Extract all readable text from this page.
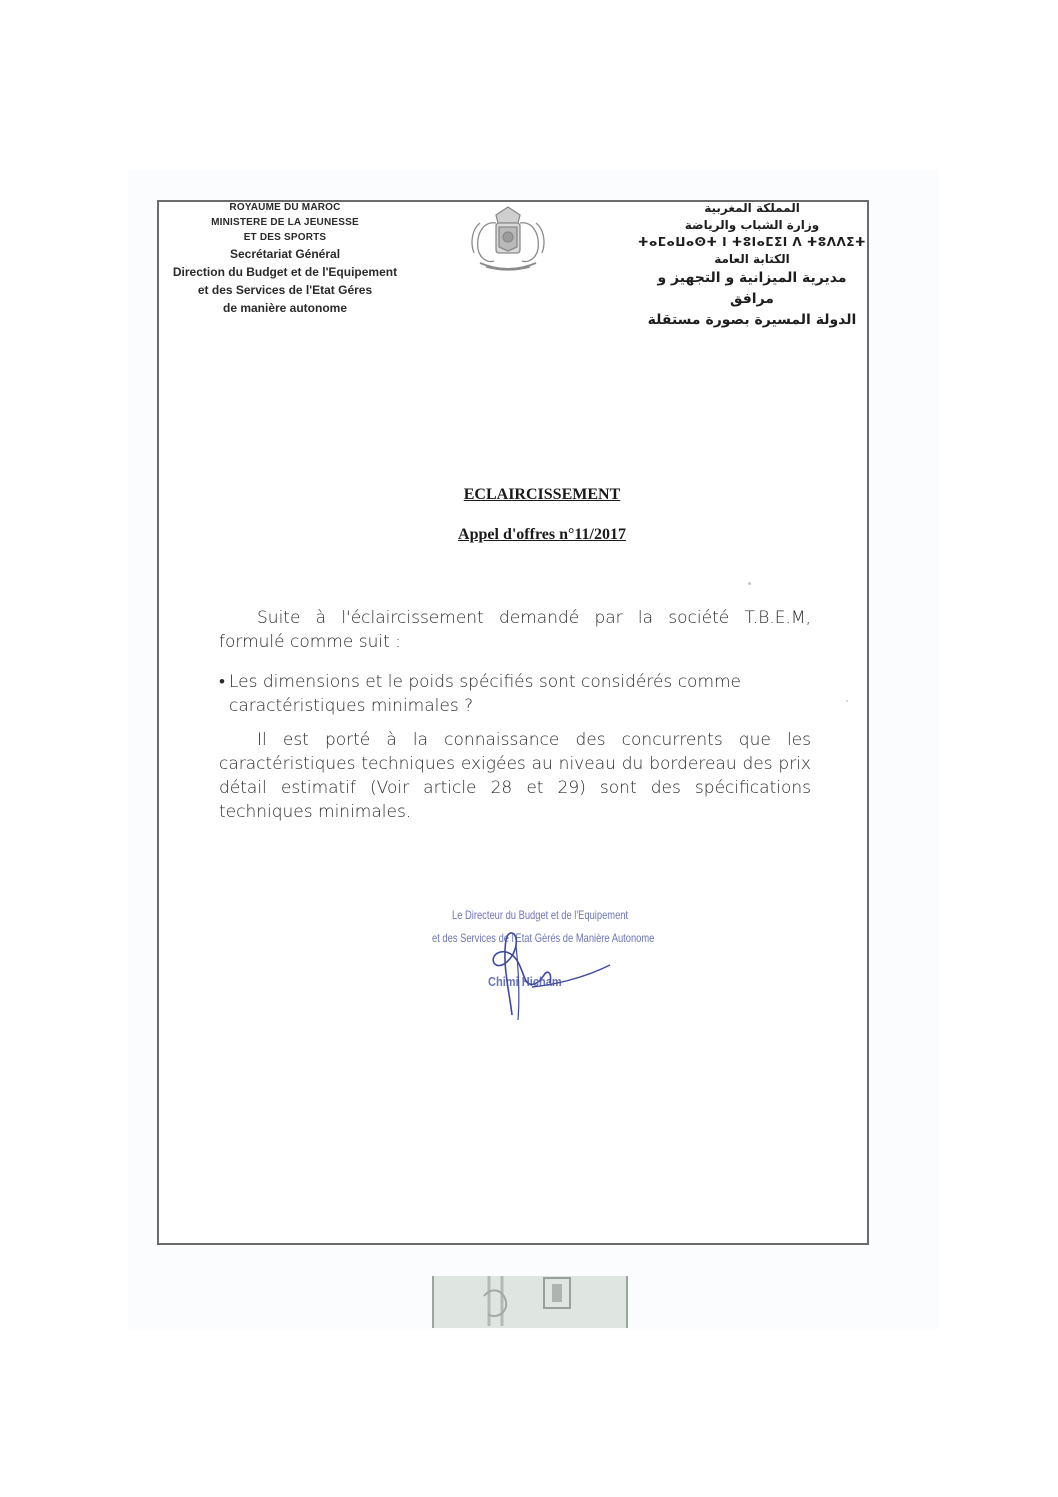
ROYAUME DU MAROC
MINISTERE DE LA JEUNESSE
ET DES SPORTS
Secrétariat Général
Direction du Budget et de l'Equipement
et des Services de l'Etat Géres
de manière autonome
المملكة المغربية
وزارة الشباب والرياضة
ⵜⴰⵎⴰⵡⴰⵙⵜ ⵏ ⵜⵓⵏⴰⵎⵉⵏ ⴷ ⵜⵓⴷⴷⵉⵜ
الكتابة العامة
مديرية الميزانية و التجهيز و مرافق
الدولة المسيرة بصورة مستقلة
ECLAIRCISSEMENT
Appel d'offres n°11/2017
Suite à l'éclaircissement demandé par la société T.B.E.M, formulé comme suit :
• Les dimensions et le poids spécifiés sont considérés comme
caractéristiques minimales ?
Il est porté à la connaissance des concurrents que les caractéristiques techniques exigées au niveau du bordereau des prix détail estimatif (Voir article 28 et 29) sont des spécifications techniques minimales.
Le Directeur du Budget et de l'Equipement
et des Services de l'Etat Gérés de Manière Autonome
Chimi Hicham
